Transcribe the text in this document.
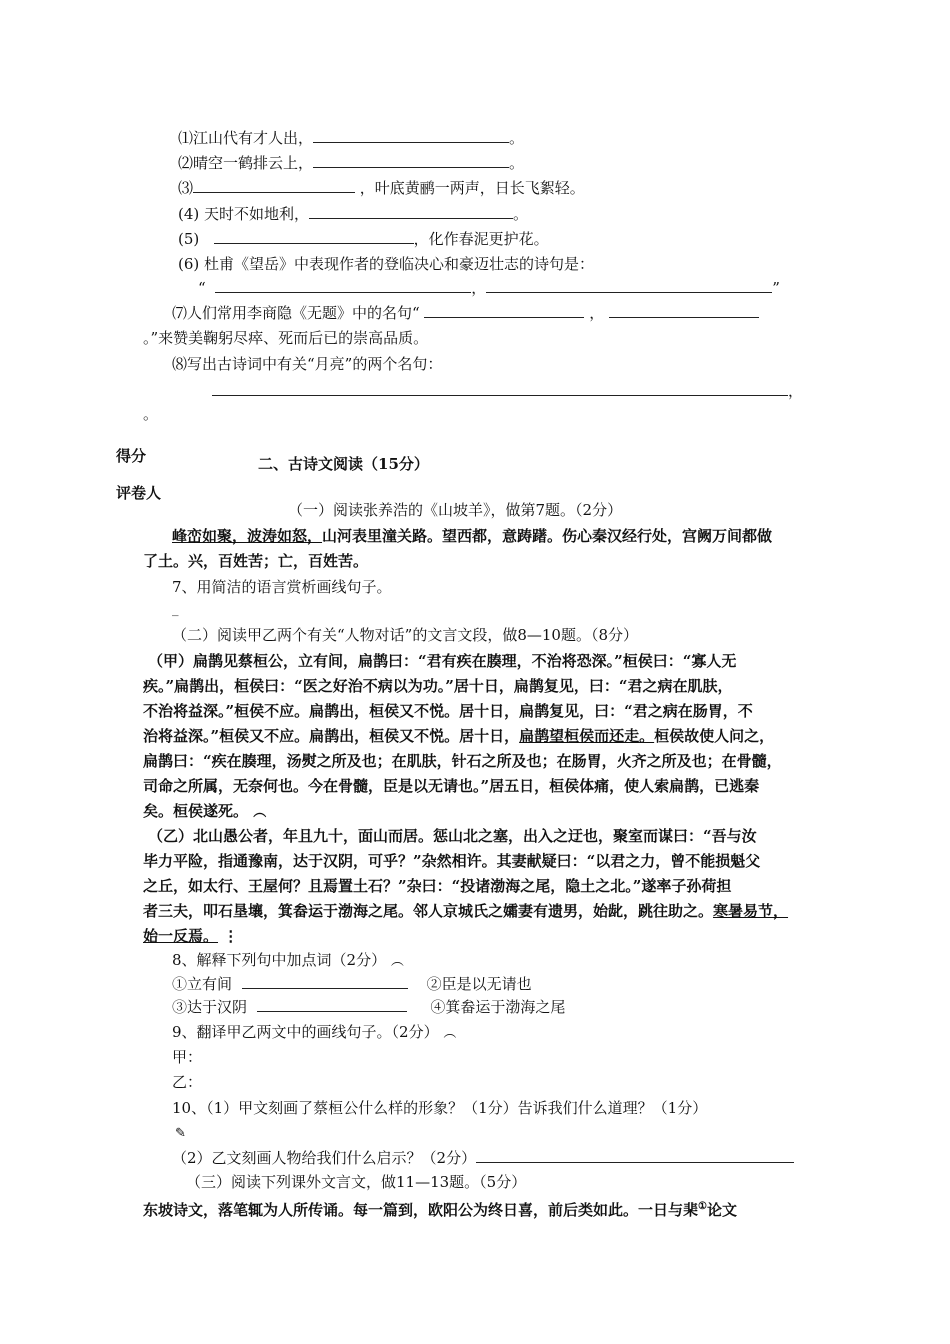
⑴江山代有才人出，	。
⑵晴空一鹤排云上，	。
⑶	，叶底黄鹂一两声，日长飞絮轻。
(4) 天时不如地利，	。
(5)	，化作春泥更护花。
(6) 杜甫《望岳》中表现作者的登临决心和豪迈壮志的诗句是：
“	，	”
⑺人们常用李商隐《无题》中的名句“	，
。”来赞美鞠躬尽瘁、死而后已的崇高品质。
⑻写出古诗词中有关“月亮”的两个名句：
，
。
得分	二、古诗文阅读（15分）
评卷人
（一）阅读张养浩的《山坡羊》，做第7题。（2分）
峰峦如聚，波涛如怒，山河表里潼关路。望西都，意踌躇。伤心秦汉经行处，宫阙万间都做
了土。兴，百姓苦；亡，百姓苦。
7、用简洁的语言赏析画线句子。
_
（二）阅读甲乙两个有关“人物对话”的文言文段，做8—10题。（8分）
（甲）扁鹊见蔡桓公，立有间，扁鹊曰：“君有疾在腠理，不治将恐深。”桓侯曰：“寡人无
疾。”扁鹊出，桓侯曰：“医之好治不病以为功。”居十日，扁鹊复见，曰：“君之病在肌肤，
不治将益深。”桓侯不应。扁鹊出，桓侯又不悦。居十日，扁鹊复见，曰：“君之病在肠胃，不
治将益深。”桓侯又不应。扁鹊出，桓侯又不悦。居十日，扁鹊望桓侯而还走。桓侯故使人问之，
扁鹊曰：“疾在腠理，汤熨之所及也；在肌肤，针石之所及也；在肠胃，火齐之所及也；在骨髓，
司命之所属，无奈何也。今在骨髓，臣是以无请也。”居五日，桓侯体痛，使人索扁鹊，已逃秦
矣。桓侯遂死。 ︵
（乙）北山愚公者，年且九十，面山而居。惩山北之塞，出入之迂也，聚室而谋曰：“吾与汝
毕力平险，指通豫南，达于汉阴，可乎？”杂然相许。其妻献疑曰：“以君之力，曾不能损魁父
之丘，如太行、王屋何？且焉置土石？”杂曰：“投诸渤海之尾，隐土之北。”遂率子孙荷担
者三夫，叩石垦壤，箕畚运于渤海之尾。邻人京城氏之孀妻有遗男，始龀，跳往助之。寒暑易节，
始一反焉。 ⋮
8、解释下列句中加点词（2分） ︵
①立有间	②臣是以无请也
③达于汉阴	④箕畚运于渤海之尾
9、翻译甲乙两文中的画线句子。（2分） ︵
甲：
乙：
10、（1）甲文刻画了蔡桓公什么样的形象？（1分）告诉我们什么道理？（1分）
✎
（2）乙文刻画人物给我们什么启示？（2分）
（三）阅读下列课外文言文，做11—13题。（5分）
东坡诗文，落笔辄为人所传诵。每一篇到，欧阳公为终日喜，前后类如此。一日与棐①论文
